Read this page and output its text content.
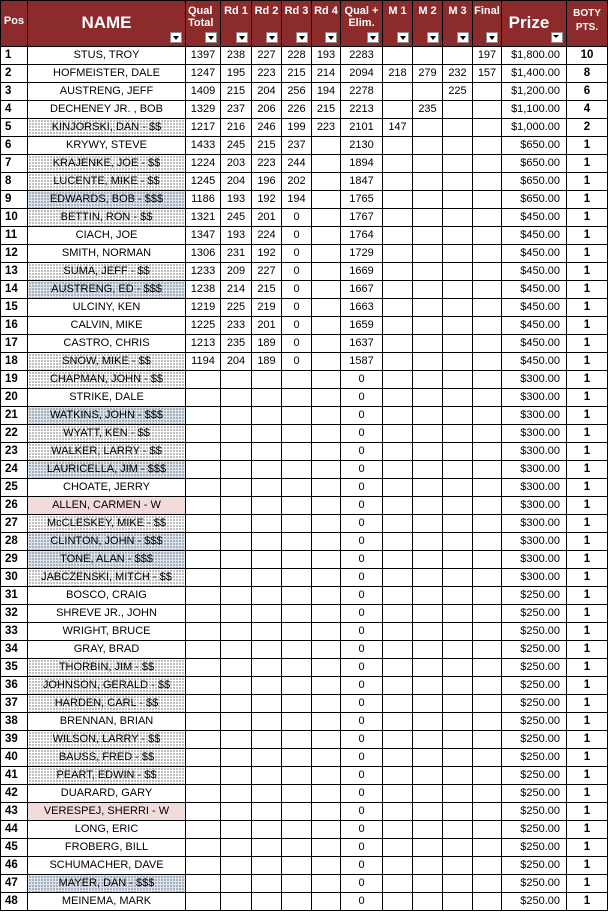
Pos	NAME	Qual Total	Rd 1	Rd 2	Rd 3	Rd 4	Qual + Elim.	M 1	M 2	M 3	Final	Prize	BOTY PTS.

1	STUS, TROY	1397	238	227	228	193	2283				197	$1,800.00	10
2	HOFMEISTER, DALE	1247	195	223	215	214	2094	218	279	232	157	$1,400.00	8
3	AUSTRENG, JEFF	1409	215	204	256	194	2278			225		$1,200.00	6
4	DECHENEY JR. , BOB	1329	237	206	226	215	2213		235			$1,100.00	4
5	KINJORSKI, DAN - $$	1217	216	246	199	223	2101	147				$1,000.00	2
6	KRYWY, STEVE	1433	245	215	237		2130					$650.00	1
7	KRAJENKE, JOE - $$	1224	203	223	244		1894					$650.00	1
8	LUCENTE, MIKE - $$	1245	204	196	202		1847					$650.00	1
9	EDWARDS, BOB - $$$	1186	193	192	194		1765					$650.00	1
10	BETTIN, RON - $$	1321	245	201	0		1767					$450.00	1
11	CIACH, JOE	1347	193	224	0		1764					$450.00	1
12	SMITH, NORMAN	1306	231	192	0		1729					$450.00	1
13	SUMA, JEFF - $$	1233	209	227	0		1669					$450.00	1
14	AUSTRENG, ED - $$$	1238	214	215	0		1667					$450.00	1
15	ULCINY, KEN	1219	225	219	0		1663					$450.00	1
16	CALVIN, MIKE	1225	233	201	0		1659					$450.00	1
17	CASTRO, CHRIS	1213	235	189	0		1637					$450.00	1
18	SNOW, MIKE - $$	1194	204	189	0		1587					$450.00	1
19	CHAPMAN, JOHN - $$						0					$300.00	1
20	STRIKE, DALE						0					$300.00	1
21	WATKINS, JOHN - $$$						0					$300.00	1
22	WYATT, KEN - $$						0					$300.00	1
23	WALKER, LARRY - $$						0					$300.00	1
24	LAURICELLA, JIM - $$$						0					$300.00	1
25	CHOATE, JERRY						0					$300.00	1
26	ALLEN, CARMEN - W						0					$300.00	1
27	McCLESKEY, MIKE - $$						0					$300.00	1
28	CLINTON, JOHN - $$$						0					$300.00	1
29	TONE, ALAN - $$$						0					$300.00	1
30	JABCZENSKI, MITCH - $$						0					$300.00	1
31	BOSCO, CRAIG						0					$250.00	1
32	SHREVE JR., JOHN						0					$250.00	1
33	WRIGHT, BRUCE						0					$250.00	1
34	GRAY, BRAD						0					$250.00	1
35	THORBIN, JIM - $$						0					$250.00	1
36	JOHNSON, GERALD - $$						0					$250.00	1
37	HARDEN, CARL - $$						0					$250.00	1
38	BRENNAN, BRIAN						0					$250.00	1
39	WILSON, LARRY - $$						0					$250.00	1
40	BAUSS, FRED - $$						0					$250.00	1
41	PEART, EDWIN - $$						0					$250.00	1
42	DUARARD, GARY						0					$250.00	1
43	VERESPEJ, SHERRI - W						0					$250.00	1
44	LONG, ERIC						0					$250.00	1
45	FROBERG, BILL						0					$250.00	1
46	SCHUMACHER, DAVE						0					$250.00	1
47	MAYER, DAN - $$$						0					$250.00	1
48	MEINEMA, MARK						0					$250.00	1
